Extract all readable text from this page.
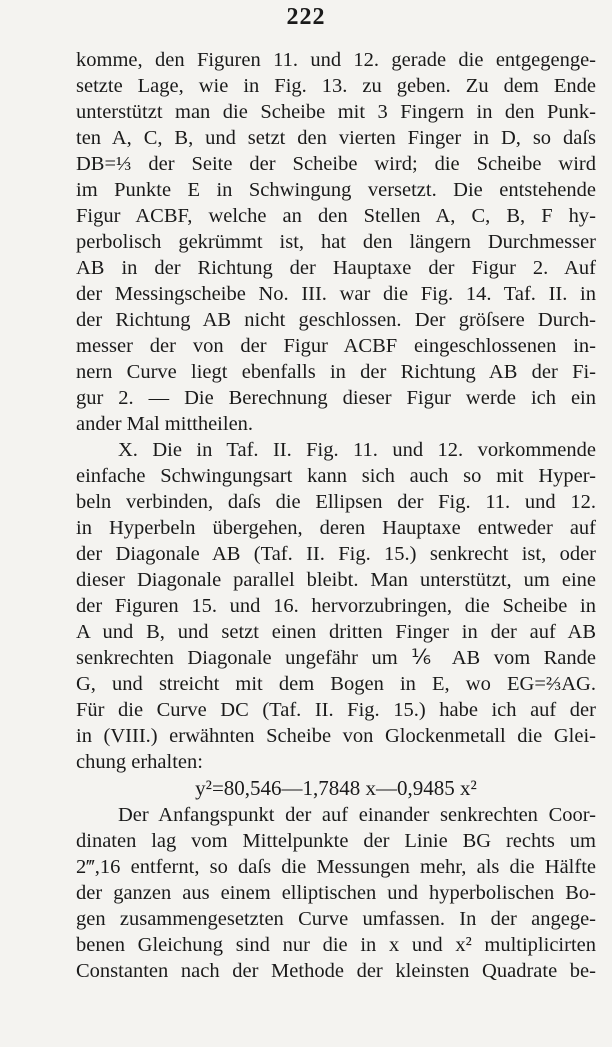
222
komme, den Figuren 11. und 12. gerade die entgegenge-
setzte Lage, wie in Fig. 13. zu geben. Zu dem Ende
unterstützt man die Scheibe mit 3 Fingern in den Punk-
ten A, C, B, und setzt den vierten Finger in D, so daſs
DB=⅓ der Seite der Scheibe wird; die Scheibe wird
im Punkte E in Schwingung versetzt. Die entstehende
Figur ACBF, welche an den Stellen A, C, B, F hy-
perbolisch gekrümmt ist, hat den längern Durchmesser
AB in der Richtung der Hauptaxe der Figur 2. Auf
der Messingscheibe No. III. war die Fig. 14. Taf. II. in
der Richtung AB nicht geschlossen. Der gröſsere Durch-
messer der von der Figur ACBF eingeschlossenen in-
nern Curve liegt ebenfalls in der Richtung AB der Fi-
gur 2. — Die Berechnung dieser Figur werde ich ein
ander Mal mittheilen.
X. Die in Taf. II. Fig. 11. und 12. vorkommende
einfache Schwingungsart kann sich auch so mit Hyper-
beln verbinden, daſs die Ellipsen der Fig. 11. und 12.
in Hyperbeln übergehen, deren Hauptaxe entweder auf
der Diagonale AB (Taf. II. Fig. 15.) senkrecht ist, oder
dieser Diagonale parallel bleibt. Man unterstützt, um eine
der Figuren 15. und 16. hervorzubringen, die Scheibe in
A und B, und setzt einen dritten Finger in der auf AB
senkrechten Diagonale ungefähr um ⅙ AB vom Rande
G, und streicht mit dem Bogen in E, wo EG=⅔AG.
Für die Curve DC (Taf. II. Fig. 15.) habe ich auf der
in (VIII.) erwähnten Scheibe von Glockenmetall die Glei-
chung erhalten:
y²=80,546—1,7848 x—0,9485 x²
Der Anfangspunkt der auf einander senkrechten Coor-
dinaten lag vom Mittelpunkte der Linie BG rechts um
2‴,16 entfernt, so daſs die Messungen mehr, als die Hälfte
der ganzen aus einem elliptischen und hyperbolischen Bo-
gen zusammengesetzten Curve umfassen. In der angege-
benen Gleichung sind nur die in x und x² multiplicirten
Constanten nach der Methode der kleinsten Quadrate be-
